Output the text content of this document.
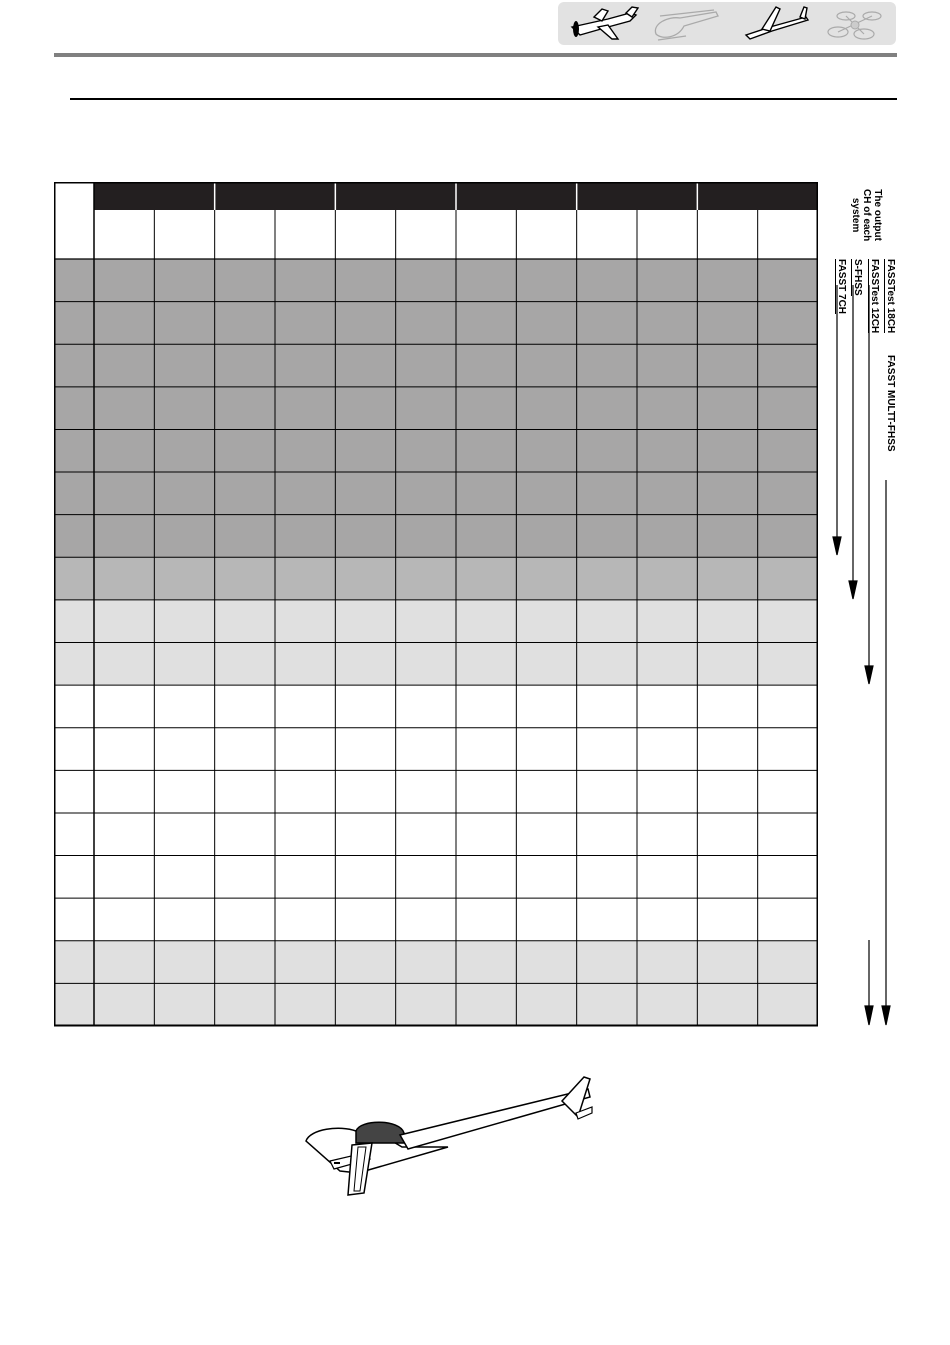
The output
CH of each
system
FASSTest 18CH
FASST MULT
T-FHSS
FASSTest 12CH
S-FHSS
FASST 7CH
